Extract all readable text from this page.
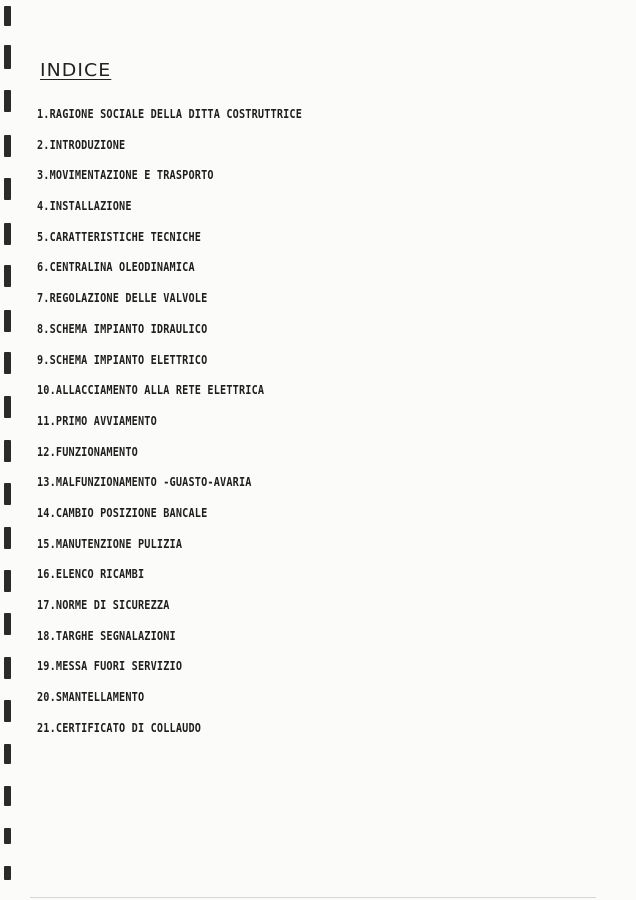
INDICE
1.RAGIONE SOCIALE DELLA DITTA COSTRUTTRICE
2.INTRODUZIONE
3.MOVIMENTAZIONE E TRASPORTO
4.INSTALLAZIONE
5.CARATTERISTICHE TECNICHE
6.CENTRALINA OLEODINAMICA
7.REGOLAZIONE DELLE VALVOLE
8.SCHEMA IMPIANTO IDRAULICO
9.SCHEMA IMPIANTO ELETTRICO
10.ALLACCIAMENTO ALLA RETE ELETTRICA
11.PRIMO AVVIAMENTO
12.FUNZIONAMENTO
13.MALFUNZIONAMENTO -GUASTO-AVARIA
14.CAMBIO POSIZIONE BANCALE
15.MANUTENZIONE PULIZIA
16.ELENCO RICAMBI
17.NORME DI SICUREZZA
18.TARGHE SEGNALAZIONI
19.MESSA FUORI SERVIZIO
20.SMANTELLAMENTO
21.CERTIFICATO DI COLLAUDO
